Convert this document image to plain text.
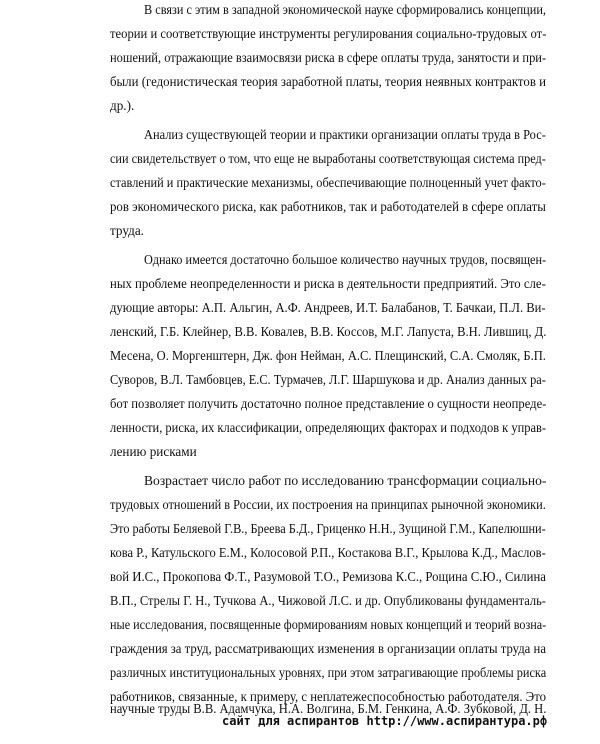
В связи с этим в западной экономической науке сформировались концепции,
теории и соответствующие инструменты регулирования социально-трудовых от-
ношений, отражающие взаимосвязи риска в сфере оплаты труда, занятости и при-
были (гедонистическая теория заработной платы, теория неявных контрактов и
др.).
Анализ существующей теории и практики организации оплаты труда в Рос-
сии свидетельствует о том, что еще не выработаны соответствующая система пред-
ставлений и практические механизмы, обеспечивающие полноценный учет факто-
ров экономического риска, как работников, так и работодателей в сфере оплаты
труда.
Однако имеется достаточно большое количество научных трудов, посвящен-
ных проблеме неопределенности и риска в деятельности предприятий. Это сле-
дующие авторы: А.П. Альгин, А.Ф. Андреев, И.Т. Балабанов, Т. Бачкаи, П.Л. Ви-
ленский, Г.Б. Клейнер, В.В. Ковалев, В.В. Коссов, М.Г. Лапуста, В.Н. Лившиц, Д.
Месена, О. Моргенштерн, Дж. фон Нейман, А.С. Плещинский, С.А. Смоляк, Б.П.
Суворов, В.Л. Тамбовцев, Е.С. Турмачев, Л.Г. Шаршукова и др. Анализ данных ра-
бот позволяет получить достаточно полное представление о сущности неопреде-
ленности, риска, их классификации, определяющих факторах и подходов к управ-
лению рисками
Возрастает число работ по исследованию трансформации социально-
трудовых отношений в России, их построения на принципах рыночной экономики.
Это работы Беляевой Г.В., Бреева Б.Д., Гриценко Н.Н., Зущиной Г.М., Капелюшни-
кова Р., Катульского Е.М., Колосовой Р.П., Костакова В.Г., Крылова К.Д., Маслов-
вой И.С., Прокопова Ф.Т., Разумовой Т.О., Ремизова К.С., Рощина С.Ю., Силина
В.П., Стрелы Г. Н., Тучкова А., Чижовой Л.С. и др. Опубликованы фундаменталь-
ные исследования, посвященные формированиям новых концепций и теорий возна-
граждения за труд, рассматривающих изменения в организации оплаты труда на
различных институциональных уровнях, при этом затрагивающие проблемы риска
работников, связанные, к примеру, с неплатежеспособностью работодателя. Это
научные труды В.В. Адамчука, Н.А. Волгина, Б.М. Генкина, А.Ф. Зубковой, Д. Н.
сайт для аспирантов http://www.аспирантура.рф
